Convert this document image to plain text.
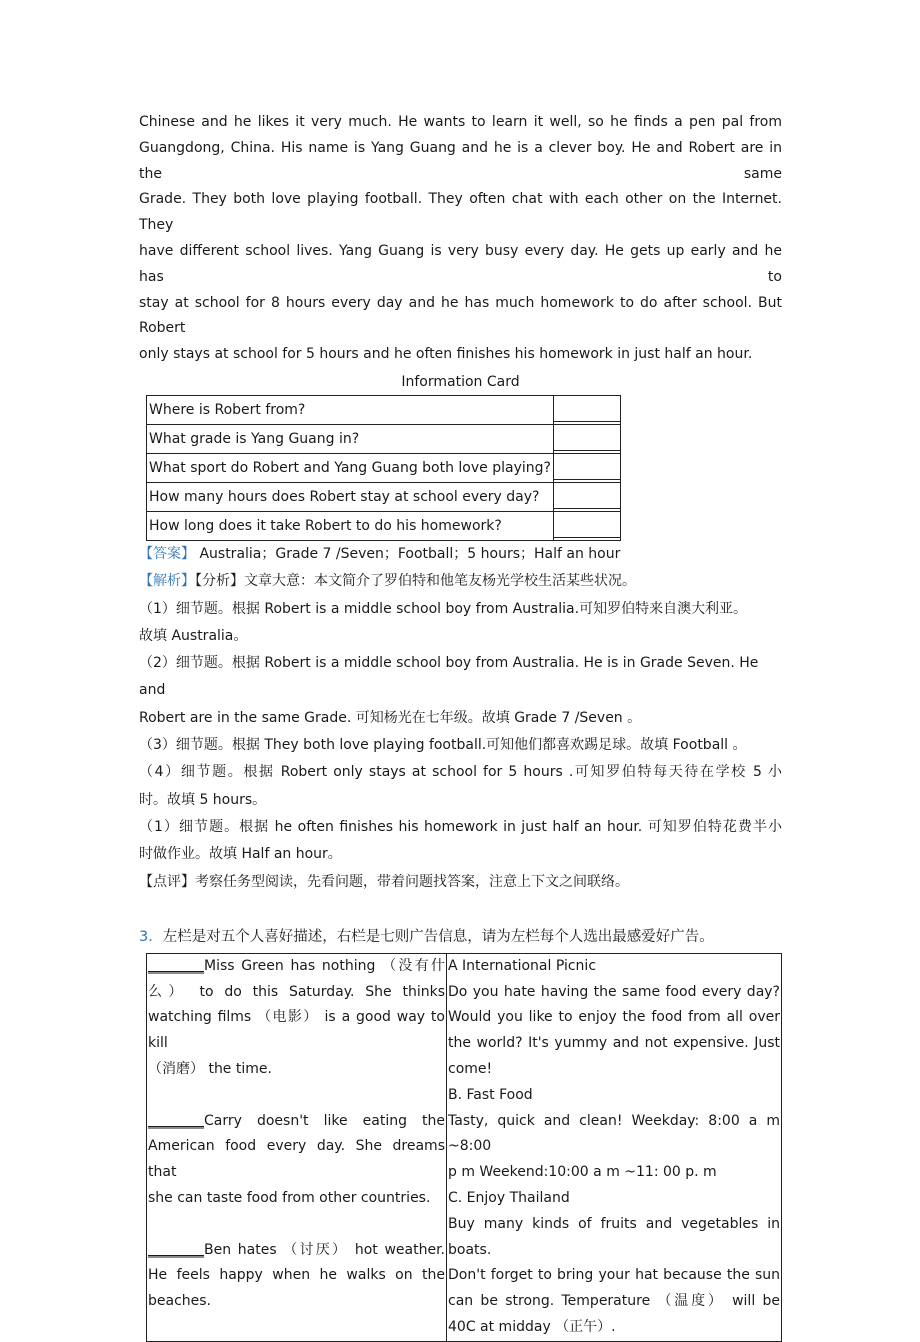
Chinese and he likes it very much. He wants to learn it well, so he finds a pen pal from
Guangdong, China. His name is Yang Guang and he is a clever boy. He and Robert are in the same
Grade. They both love playing football. They often chat with each other on the Internet. They
have different school lives. Yang Guang is very busy every day. He gets up early and he has to
stay at school for 8 hours every day and he has much homework to do after school. But Robert
only stays at school for 5 hours and he often finishes his homework in just half an hour.
Information Card
Where is Robert from?	

What grade is Yang Guang in?	

What sport do Robert and Yang Guang both love playing?	

How many hours does Robert stay at school every day?	

How long does it take Robert to do his homework?	

【答案】 Australia；Grade 7 /Seven；Football；5 hours；Half an hour

【解析】【分析】文章大意：本文简介了罗伯特和他笔友杨光学校生活某些状况。

（1）细节题。根据 Robert is a middle school boy from Australia.可知罗伯特来自澳大利亚。

故填 Australia。

（2）细节题。根据 Robert is a middle school boy from Australia. He is in Grade Seven. He and

Robert are in the same Grade. 可知杨光在七年级。故填 Grade 7 /Seven 。

（3）细节题。根据 They both love playing football.可知他们都喜欢踢足球。故填 Football 。

（4）细节题。根据 Robert only stays at school for 5 hours .可知罗伯特每天待在学校 5 小

时。故填 5 hours。

（1）细节题。根据 he often finishes his homework in just half an hour. 可知罗伯特花费半小

时做作业。故填 Half an hour。

【点评】考察任务型阅读，先看问题，带着问题找答案，注意上下文之间联络。

3．左栏是对五个人喜好描述，右栏是七则广告信息，请为左栏每个人选出最感爱好广告。

________Miss Green has nothing （没有什
么） to do this Saturday. She thinks
watching films （电影） is a good way to kill
（消磨） the time.
________Carry doesn't like eating the
American food every day. She dreams that
she can taste food from other countries.
________Ben hates （讨厌） hot weather.
He feels happy when he walks on the
beaches.

A International Picnic
Do you hate having the same food every day?
Would you like to enjoy the food from all over
the world? It's yummy and not expensive. Just
come!
B. Fast Food
Tasty, quick and clean! Weekday: 8:00 a m ~8:00
p m Weekend:10:00 a m ~11: 00 p. m
C. Enjoy Thailand
Buy many kinds of fruits and vegetables in boats.
Don't forget to bring your hat because the sun
can be strong. Temperature （温度） will be
40C at midday （正午）.
